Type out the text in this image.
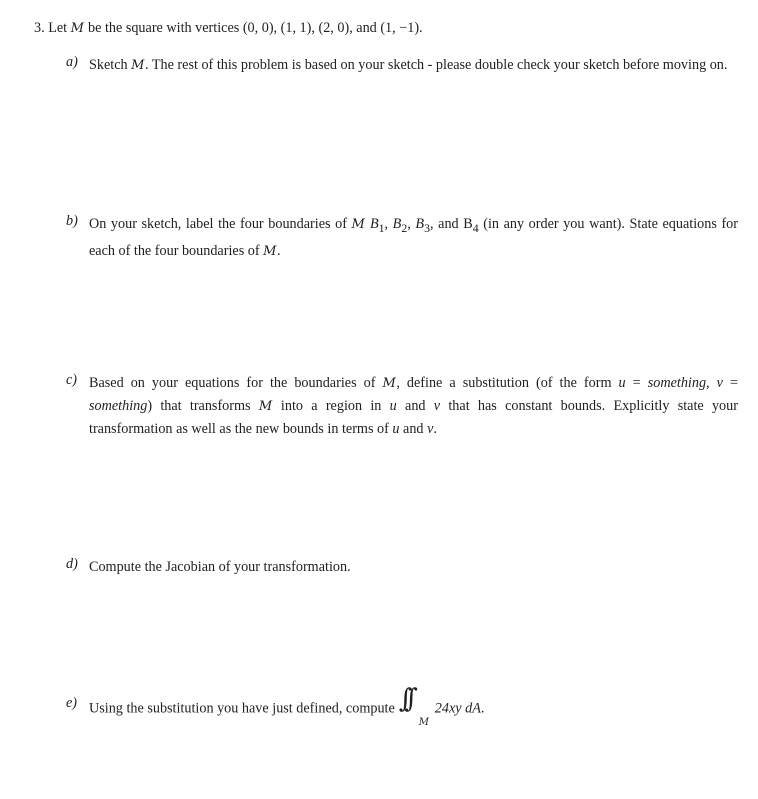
3. Let M be the square with vertices (0, 0), (1, 1), (2, 0), and (1, −1).
a) Sketch M. The rest of this problem is based on your sketch - please double check your sketch before moving on.
b) On your sketch, label the four boundaries of M $B_1$, $B_2$, $B_3$, and $B_4$ (in any order you want). State equations for each of the four boundaries of M.
c) Based on your equations for the boundaries of M, define a substitution (of the form u = something, v = something) that transforms M into a region in u and v that has constant bounds. Explicitly state your transformation as well as the new bounds in terms of u and v.
d) Compute the Jacobian of your transformation.
e) Using the substitution you have just defined, compute ∫∫
M
24xy dA.
